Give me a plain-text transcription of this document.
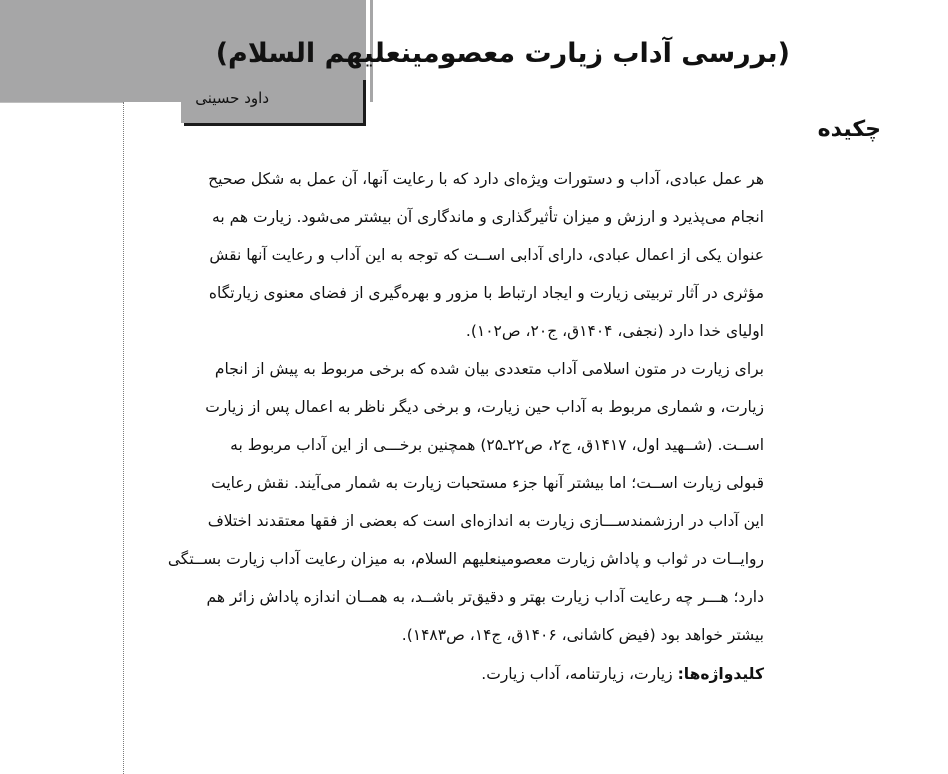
داود حسینی
(بررسی آداب زیارت معصومینعليهم السلام)
چکیده
هر عمل عبادی، آداب و دستورات ویژه‌ای دارد که با رعایت آنها، آن عمل به شکل صحیح
انجام می‌پذیرد و ارزش و میزان تأثیرگذاری و ماندگاری آن بیشتر می‌شود. زیارت هم به
عنوان یکی از اعمال عبادی، دارای آدابی اســت که توجه به این آداب و رعایت آنها نقش
مؤثری در آثار تربیتی زیارت و ایجاد ارتباط با مزور و بهره‌گیری از فضای معنوی زیارتگاه
اولیای خدا دارد (نجفی، ۱۴۰۴ق، ج۲۰، ص۱۰۲).
برای زیارت در متون اسلامی آداب متعددی بیان شده که برخی مربوط به پیش از انجام
زیارت، و شماری مربوط به آداب حین زیارت، و برخی دیگر ناظر به اعمال پس از زیارت
اســت. (شــهید اول، ۱۴۱۷ق، ج۲، ص۲۲ـ۲۵) همچنین برخـــی از این آداب مربوط به
قبولی زیارت اســت؛ اما بیشتر آنها جزء مستحبات زیارت به شمار می‌آیند. نقش رعایت
این آداب در ارزشمندســـازی زیارت به اندازه‌ای است که بعضی از فقها معتقدند اختلاف
روایــات در ثواب و پاداش زیارت معصومینعليهم السلام، به میزان رعایت آداب زیارت بســتگی
دارد؛ هـــر چه رعایت آداب زیارت بهتر و دقیق‌تر باشــد، به همــان اندازه پاداش زائر هم
بیشتر خواهد بود (فیض کاشانی، ۱۴۰۶ق، ج۱۴، ص۱۴۸۳).
کلیدواژه‌ها: زیارت، زیارتنامه، آداب زیارت.
